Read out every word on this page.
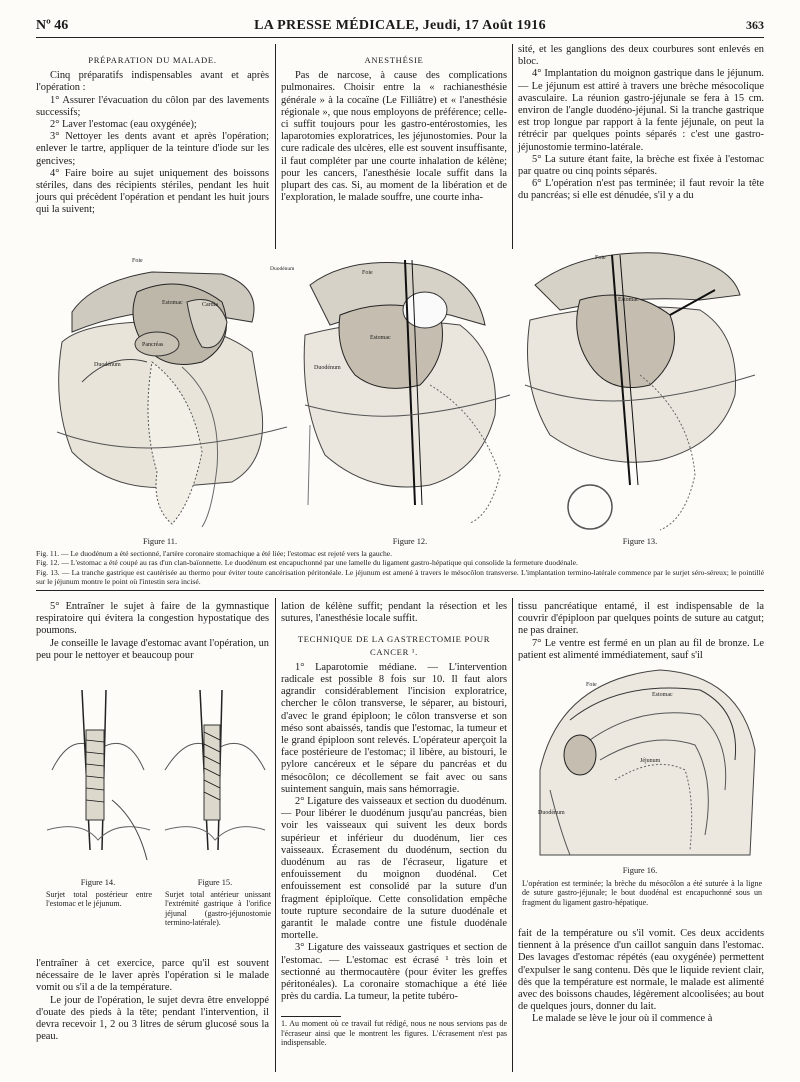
Nº 46	LA PRESSE MÉDICALE, Jeudi, 17 Août 1916	363
PRÉPARATION DU MALADE.

Cinq préparatifs indispensables avant et après l'opération :

1° Assurer l'évacuation du côlon par des lavements successifs;

2° Laver l'estomac (eau oxygénée);

3° Nettoyer les dents avant et après l'opération; enlever le tartre, appliquer de la teinture d'iode sur les gencives;

4° Faire boire au sujet uniquement des boissons stériles, dans des récipients stériles, pendant les huit jours qui précèdent l'opération et pendant les huit jours qui la suivent;

ANESTHÉSIE

Pas de narcose, à cause des complications pulmonaires. Choisir entre la « rachianesthésie générale » à la cocaïne (Le Filliâtre) et « l'anesthésie régionale », que nous employons de préférence; celle-ci suffit toujours pour les gastro-entérostomies, les laparotomies exploratrices, les jéjunostomies. Pour la cure radicale des ulcères, elle est souvent insuffisante, il faut compléter par une courte inhalation de kélène; pour les cancers, l'anesthésie locale suffit dans la plupart des cas. Si, au moment de la libération et de l'exploration, le malade souffre, une courte inha-

sité, et les ganglions des deux courbures sont enlevés en bloc.

4° Implantation du moignon gastrique dans le jéjunum. — Le jéjunum est attiré à travers une brèche mésocolique avasculaire. La réunion gastro-jéjunale se fera à 15 cm. environ de l'angle duodéno-jéjunal. Si la tranche gastrique est trop longue par rapport à la fente jéjunale, on peut la rétrécir par quelques points séparés : c'est une gastro-jéjunostomie termino-latérale.

5° La suture étant faite, la brèche est fixée à l'estomac par quatre ou cinq points séparés.

6° L'opération n'est pas terminée; il faut revoir la tête du pancréas; si elle est dénudée, s'il y a du

Foie
Duodénum
Estomac
Pancréas
Duodénum
Cardia
Figure 11.
Foie
Estomac
Duodénum
Figure 12.
Foie
Estomac
Figure 13.
Fig. 11. — Le duodénum a été sectionné, l'artère coronaire stomachique a été liée; l'estomac est rejeté vers la gauche.
Fig. 12. — L'estomac a été coupé au ras d'un clan-baïonnette. Le duodénum est encapuchonné par une lamelle du ligament gastro-hépatique qui consolide la fermeture duodénale.
Fig. 13. — La tranche gastrique est cautérisée au thermo pour éviter toute cancérisation péritonéale. Le jéjunum est amené à travers le mésocôlon transverse. L'implantation termino-latérale commence par le surjet séro-séreux; le pointillé sur le jéjunum montre le point où l'intestin sera incisé.

5° Entraîner le sujet à faire de la gymnastique respiratoire qui évitera la congestion hypostatique des poumons.

Je conseille le lavage d'estomac avant l'opération, un peu pour le nettoyer et beaucoup pour

Figure 14.
Surjet total postérieur entre l'estomac et le jéjunum.
Figure 15.
Surjet total antérieur unissant l'extrémité gastrique à l'orifice jéjunal (gastro-jéjunostomie termino-latérale).

l'entraîner à cet exercice, parce qu'il est souvent nécessaire de le laver après l'opération si le malade vomit ou s'il a de la température.

Le jour de l'opération, le sujet devra être enveloppé d'ouate des pieds à la tête; pendant l'intervention, il devra recevoir 1, 2 ou 3 litres de sérum glucosé sous la peau.

lation de kélène suffit; pendant la résection et les sutures, l'anesthésie locale suffit.

TECHNIQUE DE LA GASTRECTOMIE POUR CANCER ¹.

1° Laparotomie médiane. — L'intervention radicale est possible 8 fois sur 10. Il faut alors agrandir considérablement l'incision exploratrice, chercher le côlon transverse, le séparer, au bistouri, d'avec le grand épiploon; le côlon transverse et son méso sont abaissés, tandis que l'estomac, la tumeur et le grand épiploon sont relevés. L'opérateur aperçoit la face postérieure de l'estomac; il libère, au bistouri, le pylore cancéreux et le sépare du pancréas et du mésocôlon; ce décollement se fait avec ou sans suintement sanguin, mais sans hémorragie.

2° Ligature des vaisseaux et section du duodénum. — Pour libérer le duodénum jusqu'au pancréas, bien voir les vaisseaux qui suivent les deux bords supérieur et inférieur du duodénum, lier ces vaisseaux. Écrasement du duodénum, section du duodénum au ras de l'écraseur, ligature et enfouissement du moignon duodénal. Cet enfouissement est consolidé par la suture d'un fragment épiploïque. Cette consolidation empêche toute rupture secondaire de la suture duodénale et garantit le malade contre une fistule duodénale mortelle.

3° Ligature des vaisseaux gastriques et section de l'estomac. — L'estomac est écrasé ¹ très loin et sectionné au thermocautère (pour éviter les greffes péritonéales). La coronaire stomachique a été liée près du cardia. La tumeur, la petite tubéro-

1. Au moment où ce travail fut rédigé, nous ne nous servions pas de l'écraseur ainsi que le montrent les figures. L'écrasement n'est pas indispensable.

tissu pancréatique entamé, il est indispensable de la couvrir d'épiploon par quelques points de suture au catgut; ne pas drainer.

7° Le ventre est fermé en un plan au fil de bronze. Le patient est alimenté immédiatement, sauf s'il

Foie
Estomac
Jéjunum
Duodénum
Figure 16.
L'opération est terminée; la brèche du mésocôlon a été suturée à la ligne de suture gastro-jéjunale; le bout duodénal est encapuchonné sous un fragment du ligament gastro-hépatique.

fait de la température ou s'il vomit. Ces deux accidents tiennent à la présence d'un caillot sanguin dans l'estomac. Des lavages d'estomac répétés (eau oxygénée) permettent d'expulser le sang contenu. Dès que le liquide revient clair, dès que la température est normale, le malade est alimenté avec des boissons chaudes, légèrement alcoolisées; au bout de quelques jours, donner du lait.

Le malade se lève le jour où il commence à
